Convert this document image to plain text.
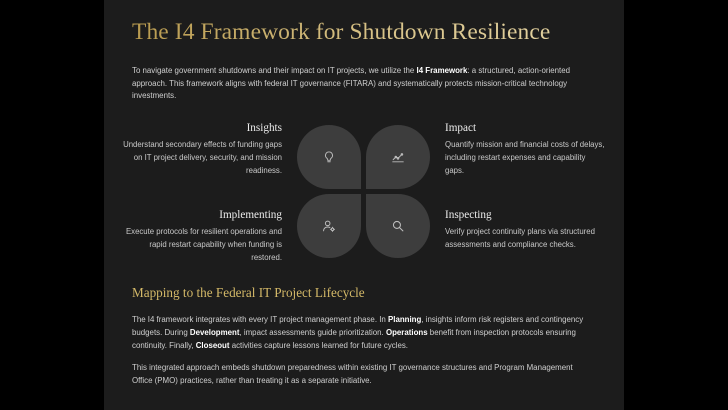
The I4 Framework for Shutdown Resilience

To navigate government shutdowns and their impact on IT projects, we utilize the I4 Framework: a structured, action-oriented approach. This framework aligns with federal IT governance (FITARA) and systematically protects mission-critical technology investments.

Insights

Understand secondary effects of funding gaps on IT project delivery, security, and mission readiness.

Impact

Quantify mission and financial costs of delays, including restart expenses and capability gaps.

Implementing

Execute protocols for resilient operations and rapid restart capability when funding is restored.

Inspecting

Verify project continuity plans via structured assessments and compliance checks.

Mapping to the Federal IT Project Lifecycle

The I4 framework integrates with every IT project management phase. In Planning, insights inform risk registers and contingency budgets. During Development, impact assessments guide prioritization. Operations benefit from inspection protocols ensuring continuity. Finally, Closeout activities capture lessons learned for future cycles.

This integrated approach embeds shutdown preparedness within existing IT governance structures and Program Management Office (PMO) practices, rather than treating it as a separate initiative.
